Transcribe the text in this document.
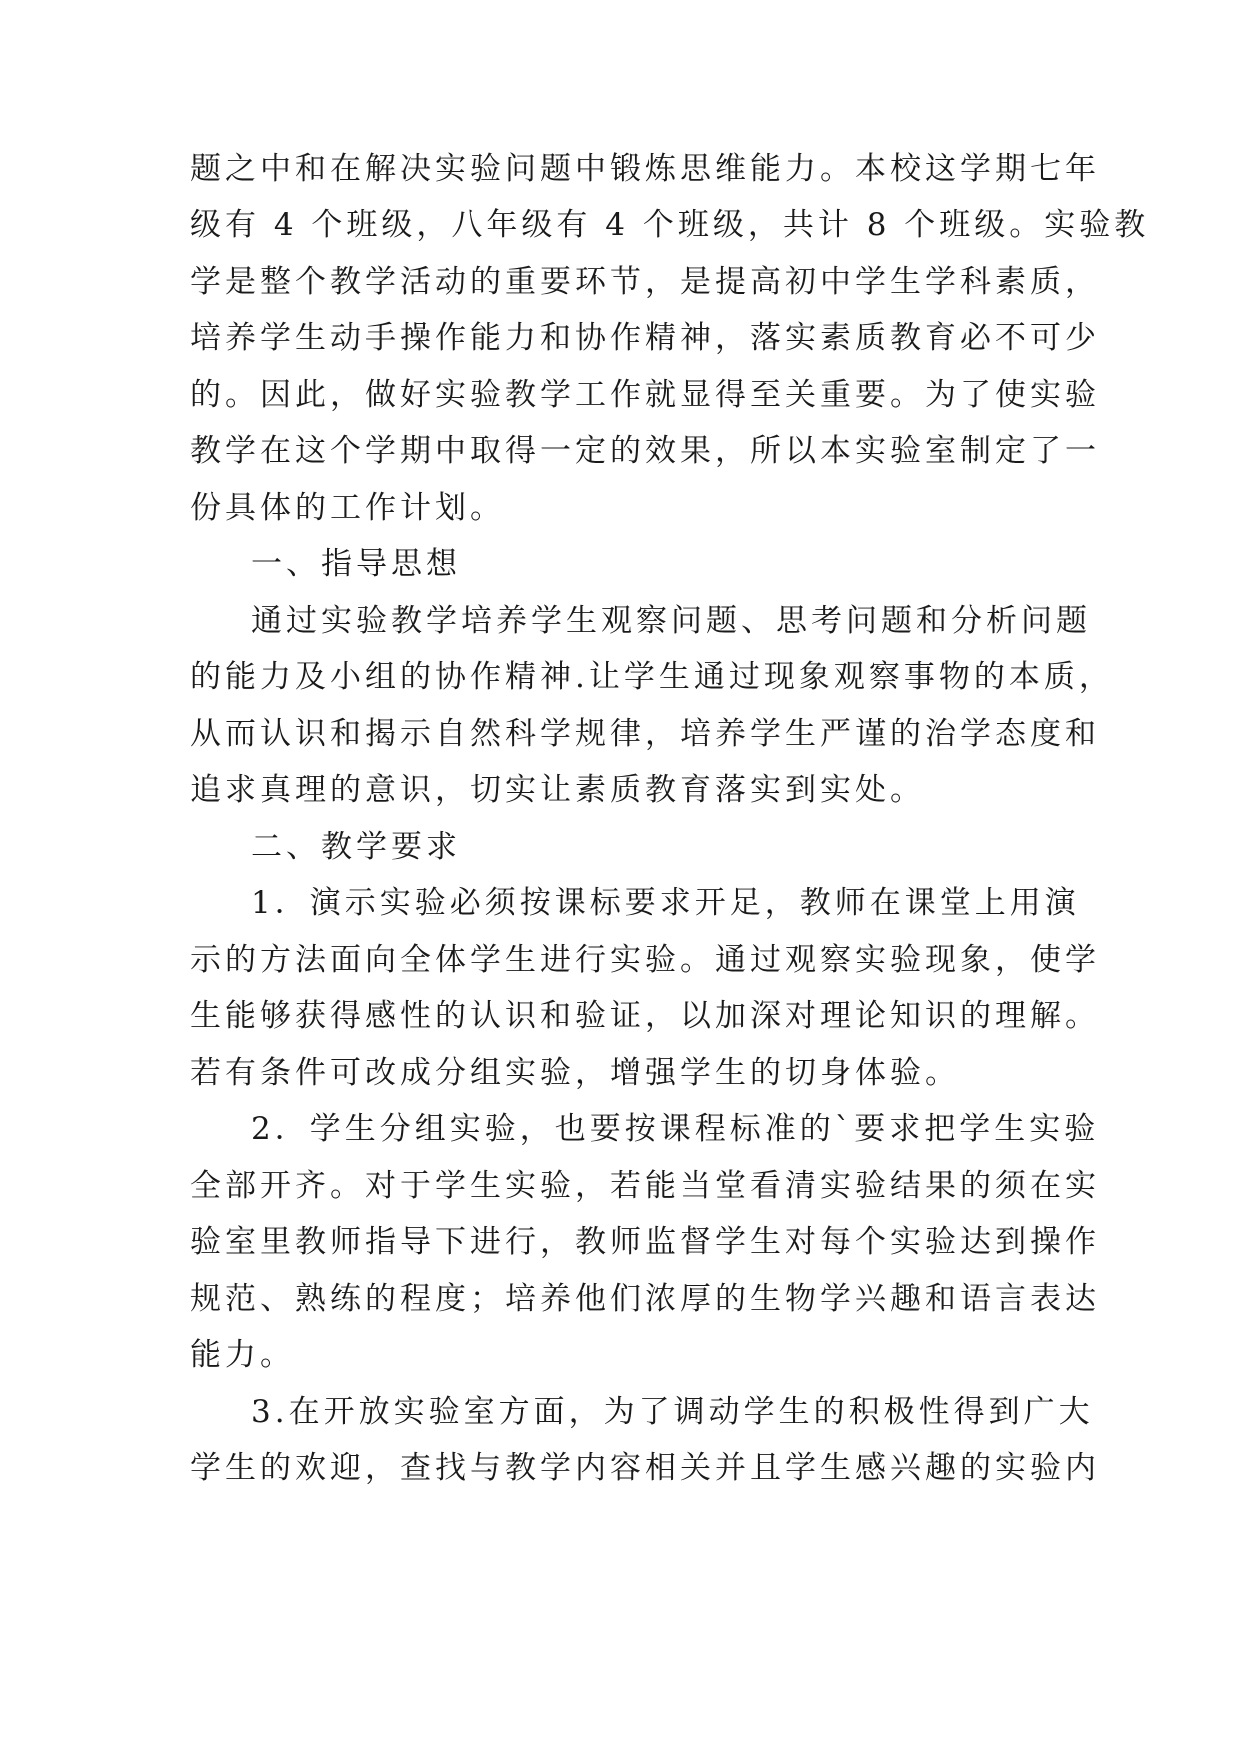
题之中和在解决实验问题中锻炼思维能力。本校这学期七年
级有 4 个班级，八年级有 4 个班级，共计 8 个班级。实验教
学是整个教学活动的重要环节，是提高初中学生学科素质，
培养学生动手操作能力和协作精神，落实素质教育必不可少
的。因此，做好实验教学工作就显得至关重要。为了使实验
教学在这个学期中取得一定的效果，所以本实验室制定了一
份具体的工作计划。
一、指导思想
通过实验教学培养学生观察问题、思考问题和分析问题
的能力及小组的协作精神.让学生通过现象观察事物的本质，
从而认识和揭示自然科学规律，培养学生严谨的治学态度和
追求真理的意识，切实让素质教育落实到实处。
二、教学要求
1．演示实验必须按课标要求开足，教师在课堂上用演
示的方法面向全体学生进行实验。通过观察实验现象，使学
生能够获得感性的认识和验证，以加深对理论知识的理解。
若有条件可改成分组实验，增强学生的切身体验。
2．学生分组实验，也要按课程标准的`要求把学生实验
全部开齐。对于学生实验，若能当堂看清实验结果的须在实
验室里教师指导下进行，教师监督学生对每个实验达到操作
规范、熟练的程度；培养他们浓厚的生物学兴趣和语言表达
能力。
3.在开放实验室方面，为了调动学生的积极性得到广大
学生的欢迎，查找与教学内容相关并且学生感兴趣的实验内
